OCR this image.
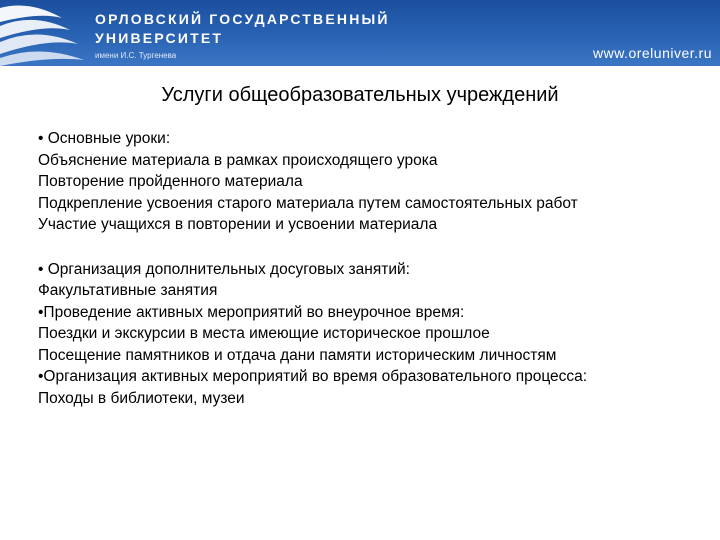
ОРЛОВСКИЙ ГОСУДАРСТВЕННЫЙ
УНИВЕРСИТЕТ
имени И.С. Тургенева	www.oreluniver.ru
Услуги общеобразовательных учреждений
• Основные уроки:
Объяснение материала в рамках происходящего урока
Повторение пройденного материала
Подкрепление усвоения старого материала путем самостоятельных работ
Участие учащихся в повторении и усвоении материала
• Организация дополнительных досуговых занятий:
Факультативные занятия
•Проведение активных мероприятий во внеурочное время:
Поездки и экскурсии в места имеющие историческое прошлое
Посещение памятников и отдача дани памяти историческим личностям
•Организация активных мероприятий во время образовательного процесса:
Походы в библиотеки, музеи
